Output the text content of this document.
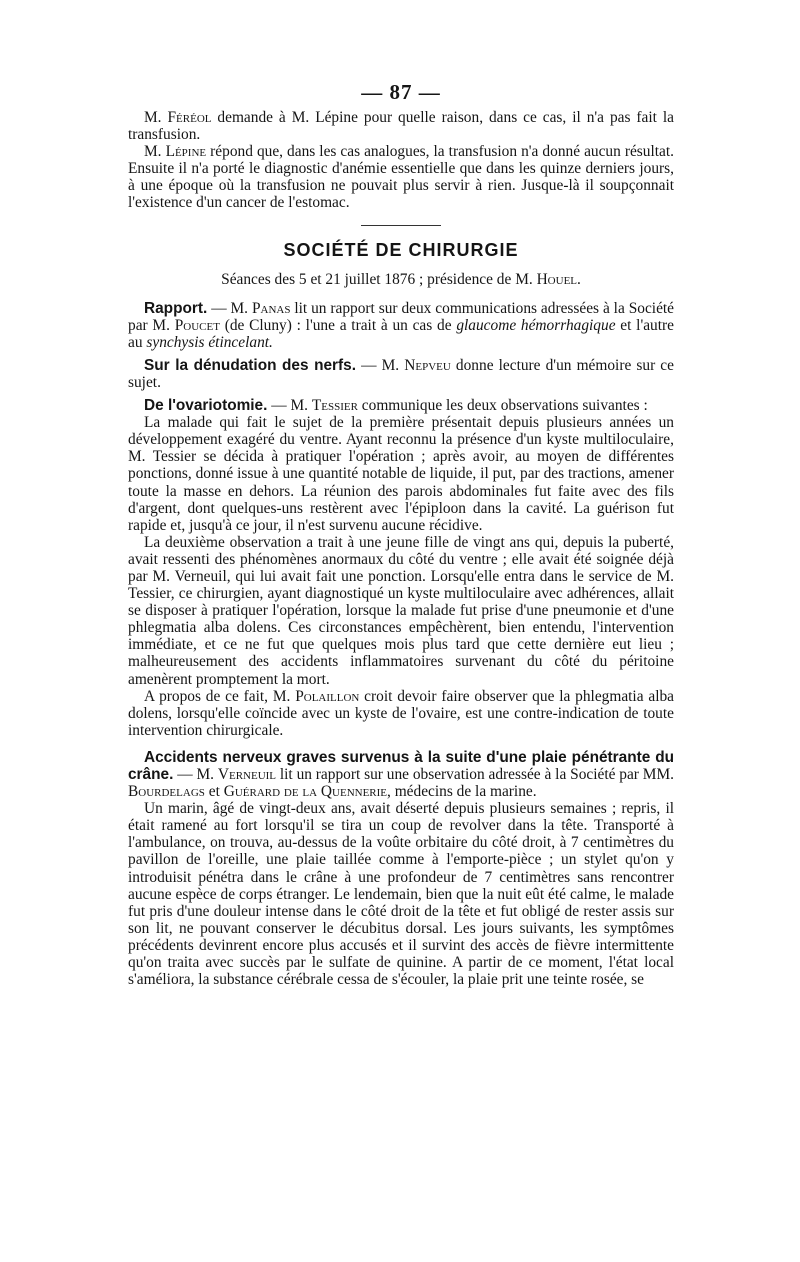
— 87 —

M. Féréol demande à M. Lépine pour quelle raison, dans ce cas, il n'a pas fait la transfusion.

M. Lépine répond que, dans les cas analogues, la transfusion n'a donné aucun résultat. Ensuite il n'a porté le diagnostic d'anémie essentielle que dans les quinze derniers jours, à une époque où la transfusion ne pouvait plus servir à rien. Jusque-là il soupçonnait l'existence d'un cancer de l'estomac.

SOCIÉTÉ DE CHIRURGIE

Séances des 5 et 21 juillet 1876 ; présidence de M. Houel.

Rapport. — M. Panas lit un rapport sur deux communications adressées à la Société par M. Poucet (de Cluny) : l'une a trait à un cas de glaucome hémorrhagique et l'autre au synchysis étincelant.

Sur la dénudation des nerfs. — M. Nepveu donne lecture d'un mémoire sur ce sujet.

De l'ovariotomie. — M. Tessier communique les deux observations suivantes :

La malade qui fait le sujet de la première présentait depuis plusieurs années un développement exagéré du ventre. Ayant reconnu la présence d'un kyste multiloculaire, M. Tessier se décida à pratiquer l'opération ; après avoir, au moyen de différentes ponctions, donné issue à une quantité notable de liquide, il put, par des tractions, amener toute la masse en dehors. La réunion des parois abdominales fut faite avec des fils d'argent, dont quelques-uns restèrent avec l'épiploon dans la cavité. La guérison fut rapide et, jusqu'à ce jour, il n'est survenu aucune récidive.

La deuxième observation a trait à une jeune fille de vingt ans qui, depuis la puberté, avait ressenti des phénomènes anormaux du côté du ventre ; elle avait été soignée déjà par M. Verneuil, qui lui avait fait une ponction. Lorsqu'elle entra dans le service de M. Tessier, ce chirurgien, ayant diagnostiqué un kyste multiloculaire avec adhérences, allait se disposer à pratiquer l'opération, lorsque la malade fut prise d'une pneumonie et d'une phlegmatia alba dolens. Ces circonstances empêchèrent, bien entendu, l'intervention immédiate, et ce ne fut que quelques mois plus tard que cette dernière eut lieu ; malheureusement des accidents inflammatoires survenant du côté du péritoine amenèrent promptement la mort.

A propos de ce fait, M. Polaillon croit devoir faire observer que la phlegmatia alba dolens, lorsqu'elle coïncide avec un kyste de l'ovaire, est une contre-indication de toute intervention chirurgicale.

Accidents nerveux graves survenus à la suite d'une plaie pénétrante du crâne. — M. Verneuil lit un rapport sur une observation adressée à la Société par MM. Bourdelags et Guérard de la Quennerie, médecins de la marine.

Un marin, âgé de vingt-deux ans, avait déserté depuis plusieurs semaines ; repris, il était ramené au fort lorsqu'il se tira un coup de revolver dans la tête. Transporté à l'ambulance, on trouva, au-dessus de la voûte orbitaire du côté droit, à 7 centimètres du pavillon de l'oreille, une plaie taillée comme à l'emporte-pièce ; un stylet qu'on y introduisit pénétra dans le crâne à une profondeur de 7 centimètres sans rencontrer aucune espèce de corps étranger. Le lendemain, bien que la nuit eût été calme, le malade fut pris d'une douleur intense dans le côté droit de la tête et fut obligé de rester assis sur son lit, ne pouvant conserver le décubitus dorsal. Les jours suivants, les symptômes précédents devinrent encore plus accusés et il survint des accès de fièvre intermittente qu'on traita avec succès par le sulfate de quinine. A partir de ce moment, l'état local s'améliora, la substance cérébrale cessa de s'écouler, la plaie prit une teinte rosée, se
